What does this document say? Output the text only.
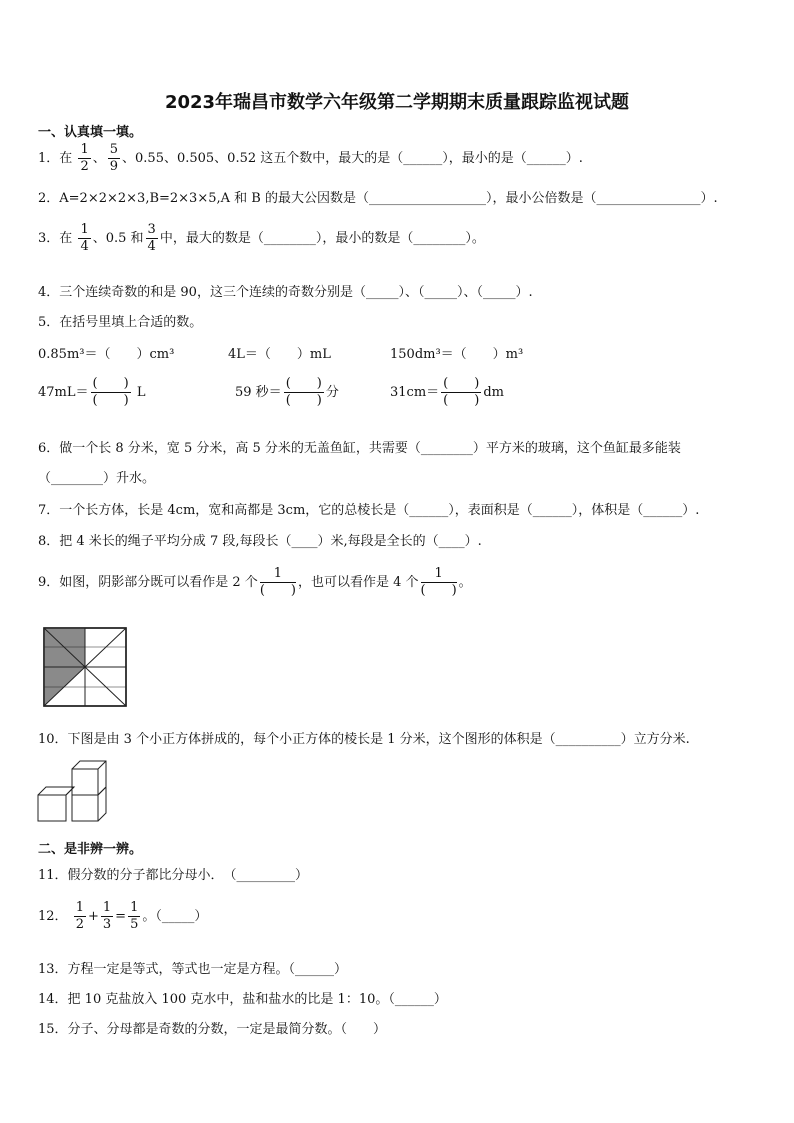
2023年瑞昌市数学六年级第二学期期末质量跟踪监视试题
一、认真填一填。
1．在 $\frac{1}{2}$ 、 $\frac{5}{9}$ 、0.55、0.505、0.52 这五个数中，最大的是（______），最小的是（______）.
2．A=2×2×2×3,B=2×3×5,A 和 B 的最大公因数是（__________________），最小公倍数是（________________）.
3．在 $\frac{1}{4}$ 、0.5 和 $\frac{3}{4}$ 中，最大的数是（________），最小的数是（________）。
4．三个连续奇数的和是 90，这三个连续的奇数分别是（_____）、（_____）、（_____）.
5．在括号里填上合适的数。
0.85m³＝（　　）cm³	4L＝（　　）mL	150dm³＝（　　）m³
$47mL= \frac{( )}{( )}$ L	59 秒＝ $\frac{( )}{( )}$ 分	$31cm= \frac{( )}{( )}$ dm
6．做一个长 8 分米，宽 5 分米，高 5 分米的无盖鱼缸，共需要（________）平方米的玻璃，这个鱼缸最多能装
（________）升水。
7．一个长方体，长是 4cm，宽和高都是 3cm，它的总棱长是（______），表面积是（______），体积是（______）.
8．把 4 米长的绳子平均分成 7 段,每段长（____）米,每段是全长的（____）.
9．如图，阴影部分既可以看作是 2 个 $\frac{1}{( )}$ ，也可以看作是 4 个 $\frac{1}{( )}$ 。
10．下图是由 3 个小正方体拼成的，每个小正方体的棱长是 1 分米，这个图形的体积是（__________）立方分米.
二、是非辨一辨。
11．假分数的分子都比分母小．　（_________）
12． $\frac{1}{2} + \frac{1}{3} = \frac{1}{5}$ 。（_____）
13．方程一定是等式，等式也一定是方程。（______）
14．把 10 克盐放入 100 克水中，盐和盐水的比是 1：10。（______）
15．分子、分母都是奇数的分数，一定是最简分数。（　　）
